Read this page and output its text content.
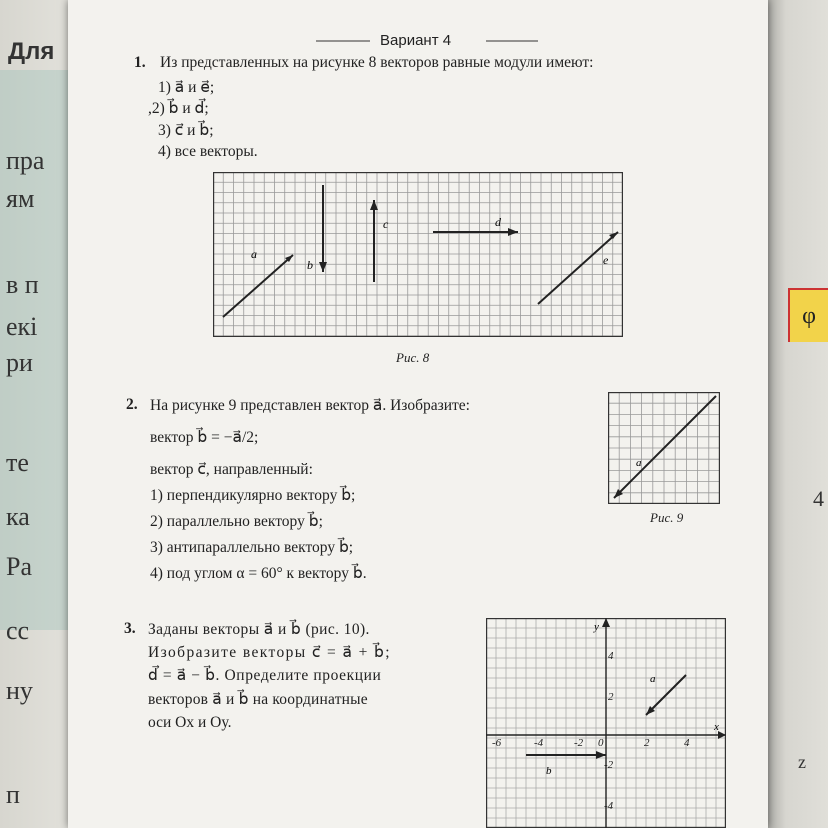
Для
пра
ям
в п
екі
ри
те
ка
Ра
сс
ну
п
φ
4
z
Вариант 4
1. Из представленных на рисунке 8 векторов равные модули имеют:
1) a⃗ и e⃗;
,2) b⃗ и d⃗;
3) c⃗ и b⃗;
4) все векторы.
a⃗
b⃗
c⃗	d⃗
e⃗
Рис. 8
2. На рисунке 9 представлен вектор a⃗. Изобразите:
вектор b⃗ = −a⃗/2;
вектор c⃗, направленный:
1) перпендикулярно вектору b⃗;
2) параллельно вектору b⃗;
3) антипараллельно вектору b⃗;
4) под углом α = 60° к вектору b⃗.
a⃗
Рис. 9
3. Заданы векторы a⃗ и b⃗ (рис. 10).
Изобразите векторы c⃗ = a⃗ + b⃗;
d⃗ = a⃗ − b⃗. Определите проекции
векторов a⃗ и b⃗ на координатные
оси Ох и Оу.	x
y
-6	-4	-2 0	2	4
4
2
-2
-4
a⃗
b⃗
